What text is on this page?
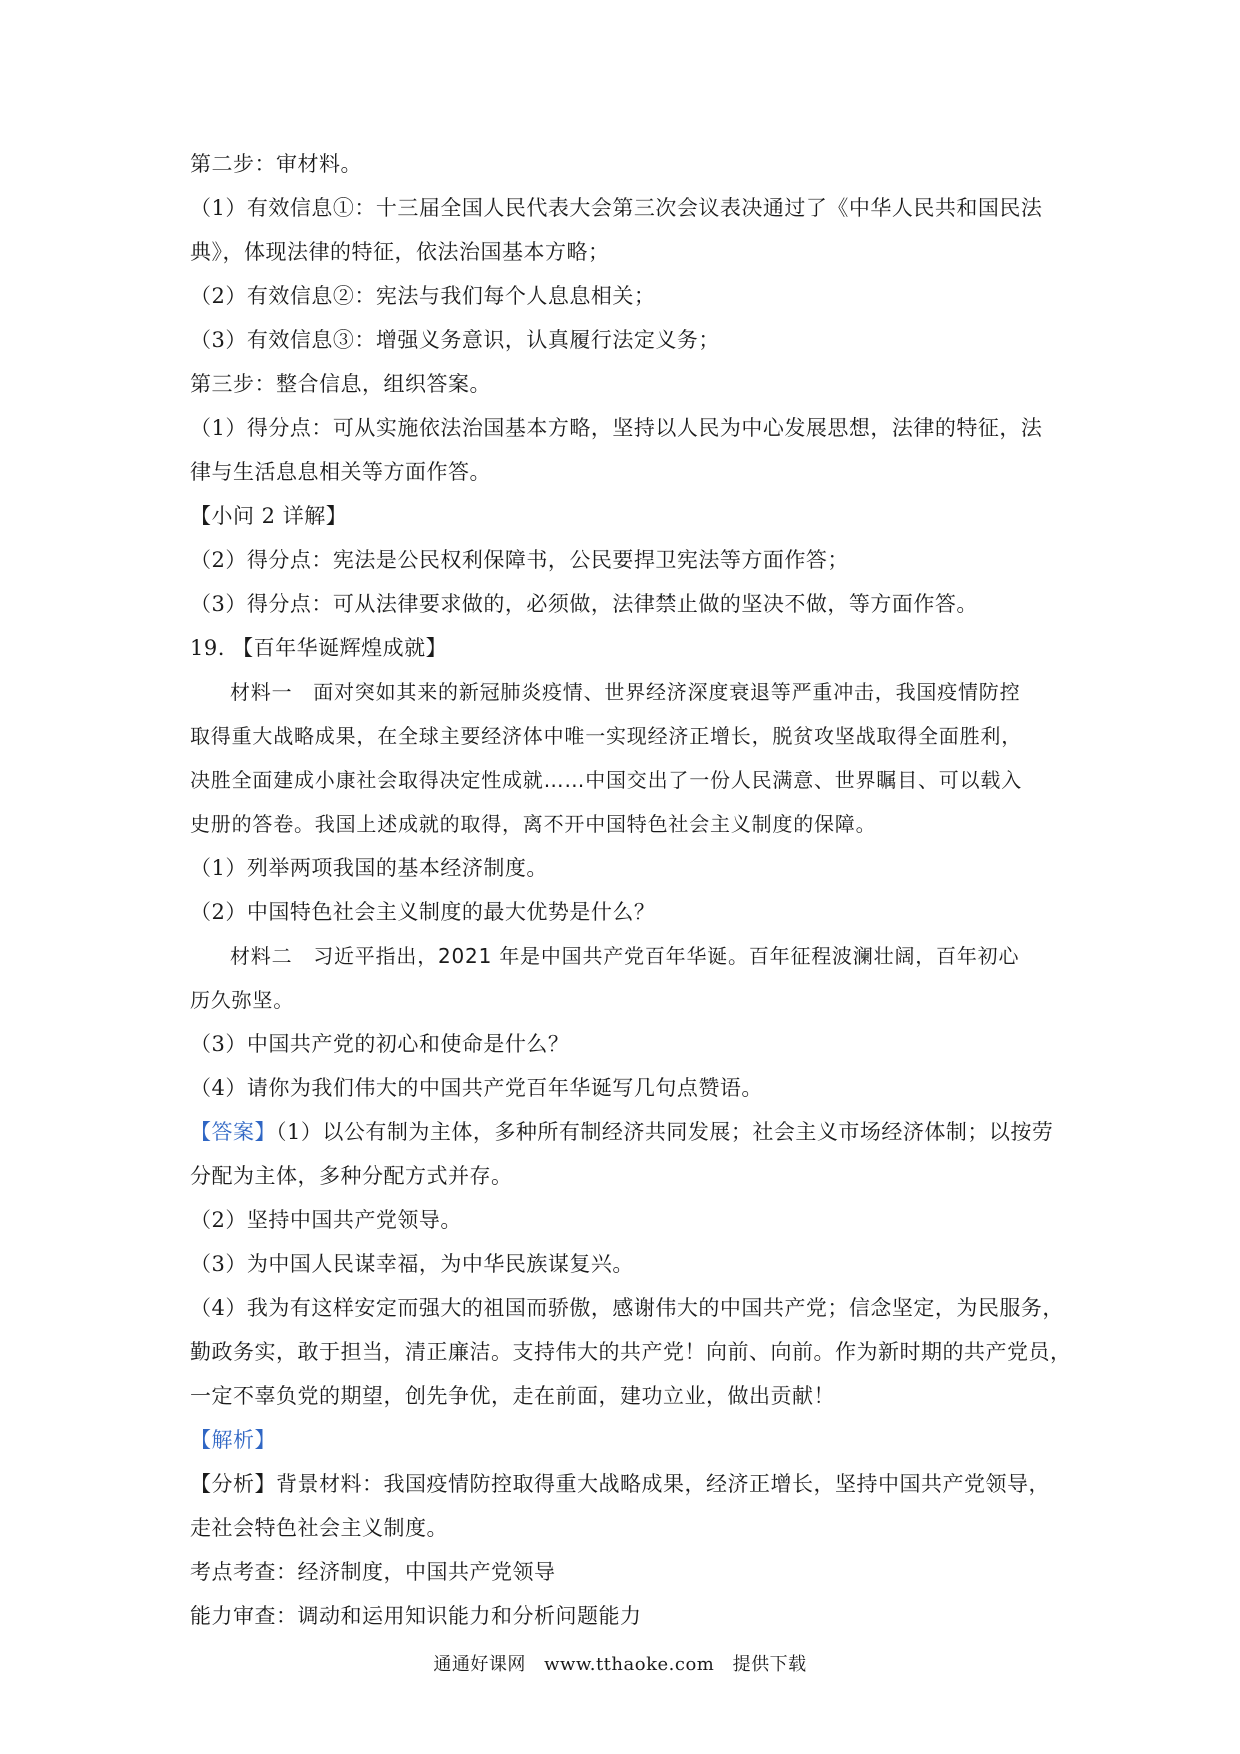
第二步：审材料。

（1）有效信息①：十三届全国人民代表大会第三次会议表决通过了《中华人民共和国民法

典》，体现法律的特征，依法治国基本方略；

（2）有效信息②：宪法与我们每个人息息相关；

（3）有效信息③：增强义务意识，认真履行法定义务；

第三步：整合信息，组织答案。

（1）得分点：可从实施依法治国基本方略，坚持以人民为中心发展思想，法律的特征，法

律与生活息息相关等方面作答。

【小问 2 详解】

（2）得分点：宪法是公民权利保障书，公民要捍卫宪法等方面作答；

（3）得分点：可从法律要求做的，必须做，法律禁止做的坚决不做，等方面作答。

19. 【百年华诞辉煌成就】

材料一　面对突如其来的新冠肺炎疫情、世界经济深度衰退等严重冲击，我国疫情防控

取得重大战略成果，在全球主要经济体中唯一实现经济正增长，脱贫攻坚战取得全面胜利，

决胜全面建成小康社会取得决定性成就……中国交出了一份人民满意、世界瞩目、可以载入

史册的答卷。我国上述成就的取得，离不开中国特色社会主义制度的保障。

（1）列举两项我国的基本经济制度。

（2）中国特色社会主义制度的最大优势是什么？

材料二　习近平指出，2021 年是中国共产党百年华诞。百年征程波澜壮阔，百年初心

历久弥坚。

（3）中国共产党的初心和使命是什么？

（4）请你为我们伟大的中国共产党百年华诞写几句点赞语。

【答案】（1）以公有制为主体，多种所有制经济共同发展；社会主义市场经济体制；以按劳

分配为主体，多种分配方式并存。

（2）坚持中国共产党领导。

（3）为中国人民谋幸福，为中华民族谋复兴。

（4）我为有这样安定而强大的祖国而骄傲，感谢伟大的中国共产党；信念坚定，为民服务，

勤政务实，敢于担当，清正廉洁。支持伟大的共产党！向前、向前。作为新时期的共产党员，

一定不辜负党的期望，创先争优，走在前面，建功立业，做出贡献！

【解析】

【分析】背景材料：我国疫情防控取得重大战略成果，经济正增长，坚持中国共产党领导，

走社会特色社会主义制度。

考点考查：经济制度，中国共产党领导

能力审查：调动和运用知识能力和分析问题能力

通通好课网 www.tthaoke.com 提供下载
